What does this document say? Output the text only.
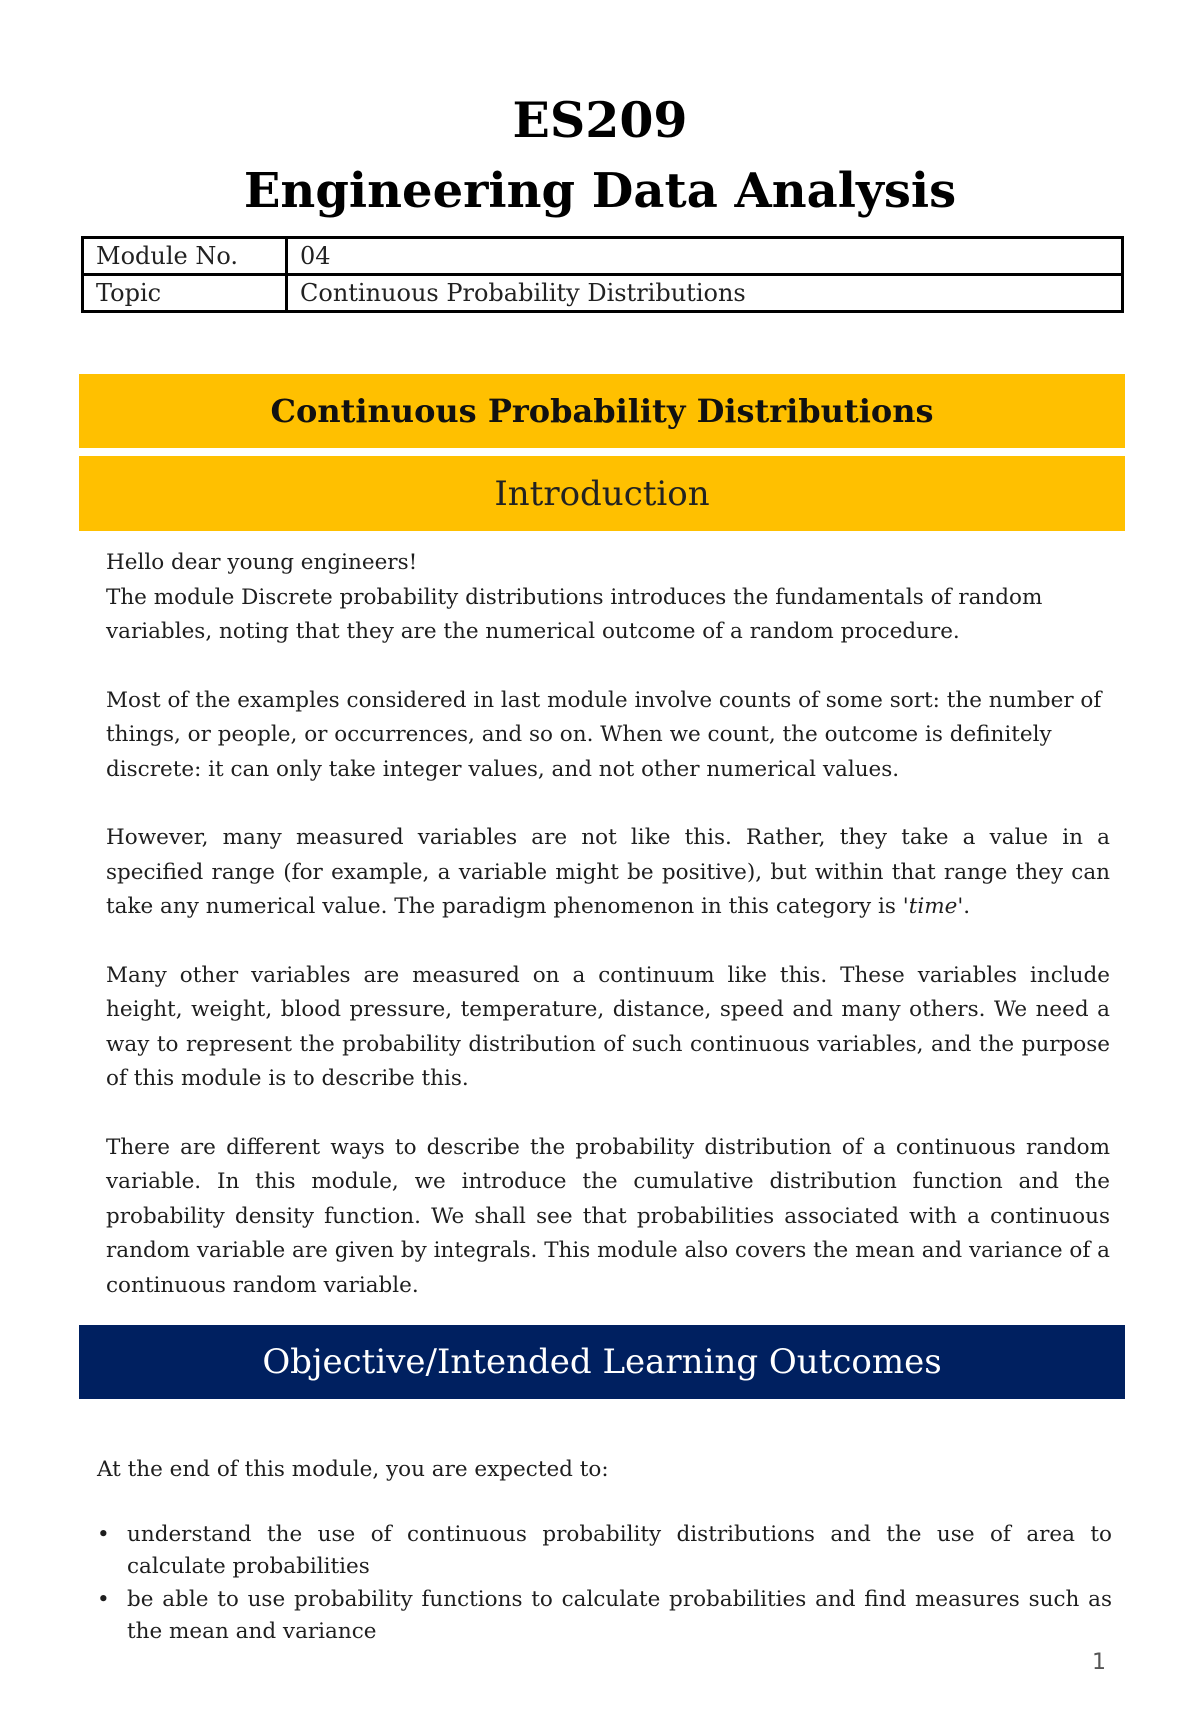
ES209
Engineering Data Analysis
Module No.	04
Topic	Continuous Probability Distributions
Continuous Probability Distributions
Introduction

Hello dear young engineers!

The module Discrete probability distributions introduces the fundamentals of random variables, noting that they are the numerical outcome of a random procedure.

Most of the examples considered in last module involve counts of some sort: the number of things, or people, or occurrences, and so on. When we count, the outcome is definitely discrete: it can only take integer values, and not other numerical values.

However, many measured variables are not like this. Rather, they take a value in a specified range (for example, a variable might be positive), but within that range they can take any numerical value. The paradigm phenomenon in this category is 'time'.

Many other variables are measured on a continuum like this. These variables include height, weight, blood pressure, temperature, distance, speed and many others. We need a way to represent the probability distribution of such continuous variables, and the purpose of this module is to describe this.

There are different ways to describe the probability distribution of a continuous random variable. In this module, we introduce the cumulative distribution function and the probability density function. We shall see that probabilities associated with a continuous random variable are given by integrals. This module also covers the mean and variance of a continuous random variable.

Objective/Intended Learning Outcomes

At the end of this module, you are expected to:

• understand the use of continuous probability distributions and the use of area to calculate probabilities
• be able to use probability functions to calculate probabilities and find measures such as the mean and variance
1
